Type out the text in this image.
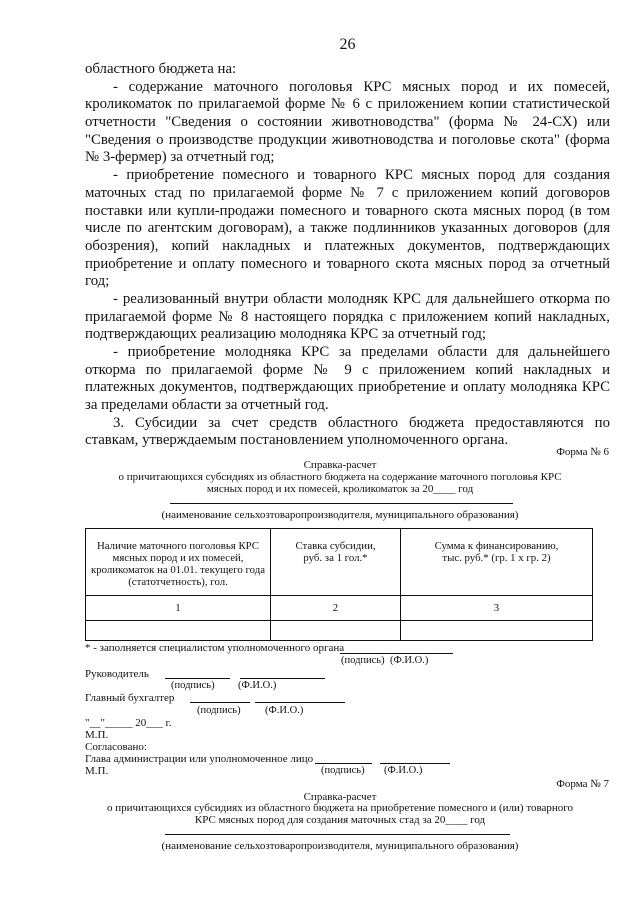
26
областного бюджета на:
- содержание маточного поголовья КРС мясных пород и их помесей,
кроликоматок по прилагаемой форме № 6 с приложением копии статистической
отчетности "Сведения о состоянии животноводства" (форма № 24-СХ) или
"Сведения о производстве продукции животноводства и поголовье скота" (форма
№ 3-фермер) за отчетный год;
- приобретение помесного и товарного КРС мясных пород для создания
маточных стад по прилагаемой форме № 7 с приложением копий договоров
поставки или купли-продажи помесного и товарного скота мясных пород (в том
числе по агентским договорам), а также подлинников указанных договоров (для
обозрения), копий накладных и платежных документов, подтверждающих
приобретение и оплату помесного и товарного скота мясных пород за отчетный
год;
- реализованный внутри области молодняк КРС для дальнейшего откорма по
прилагаемой форме № 8 настоящего порядка с приложением копий накладных,
подтверждающих реализацию молодняка КРС за отчетный год;
- приобретение молодняка КРС за пределами области для дальнейшего
откорма по прилагаемой форме № 9 с приложением копий накладных и
платежных документов, подтверждающих приобретение и оплату молодняка КРС
за пределами области за отчетный год.
3. Субсидии за счет средств областного бюджета предоставляются по
ставкам, утверждаемым постановлением уполномоченного органа.
Форма № 6
Справка-расчет
о причитающихся субсидиях из областного бюджета на содержание маточного поголовья КРС
мясных пород и их помесей, кроликоматок за 20____ год
(наименование сельхозтоваропроизводителя, муниципального образования)
Наличие маточного поголовья КРС
мясных пород и их помесей,
кроликоматок на 01.01. текущего года
(статотчетность), гол.	Ставка субсидии,
руб. за 1 гол.*	Сумма к финансированию,
тыс. руб.* (гр. 1 х гр. 2)
1	2	3

* - заполняется специалистом уполномоченного органа
(подпись) (Ф.И.О.)
Руководитель
(подпись) (Ф.И.О.)
Главный бухгалтер
(подпись) (Ф.И.О.)
"__"_____ 20___ г.
М.П.
Согласовано:
Глава администрации или уполномоченное лицо
М.П.	(подпись) (Ф.И.О.)
Форма № 7
Справка-расчет
о причитающихся субсидиях из областного бюджета на приобретение помесного и (или) товарного
КРС мясных пород для создания маточных стад за 20____ год
(наименование сельхозтоваропроизводителя, муниципального образования)
